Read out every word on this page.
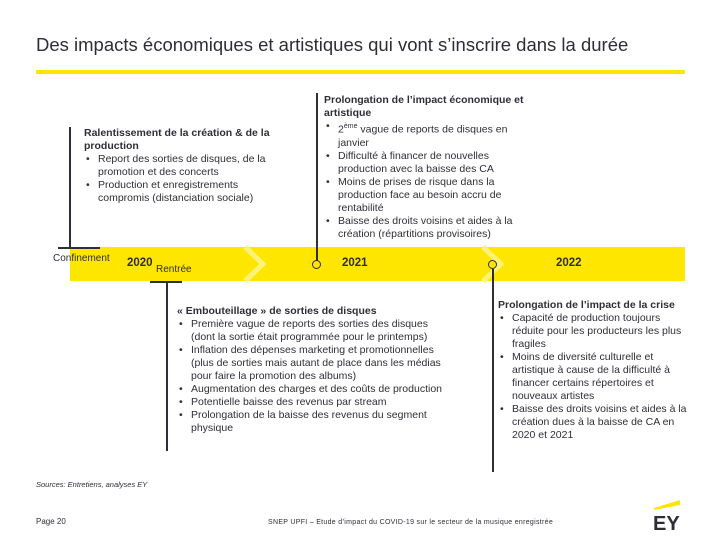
Des impacts économiques et artistiques qui vont s’inscrire dans la durée
Ralentissement de la création & de la production
• Report des sorties de disques, de la promotion et des concerts
• Production et enregistrements compromis (distanciation sociale)
Prolongation de l’impact économique et artistique
• 2ème vague de reports de disques en janvier
• Difficulté à financer de nouvelles production avec la baisse des CA
• Moins de prises de risque dans la production face au besoin accru de rentabilité
• Baisse des droits voisins et aides à la création (répartitions provisoires)
Confinement 2020
Rentrée
2021	2022
« Embouteillage » de sorties de disques
• Première vague de reports des sorties des disques (dont la sortie était programmée pour le printemps)
• Inflation des dépenses marketing et promotionnelles (plus de sorties mais autant de place dans les médias pour faire la promotion des albums)
• Augmentation des charges et des coûts de production
• Potentielle baisse des revenus par stream
• Prolongation de la baisse des revenus du segment physique
Prolongation de l’impact de la crise
• Capacité de production toujours réduite pour les producteurs les plus fragiles
• Moins de diversité culturelle et artistique à cause de la difficulté à financer certains répertoires et nouveaux artistes
• Baisse des droits voisins et aides à la création dues à la baisse de CA en 2020 et 2021
Sources: Entretiens, analyses EY
Page 20	SNEP UPFI – Etude d’impact du COVID-19 sur le secteur de la musique enregistrée	EY
